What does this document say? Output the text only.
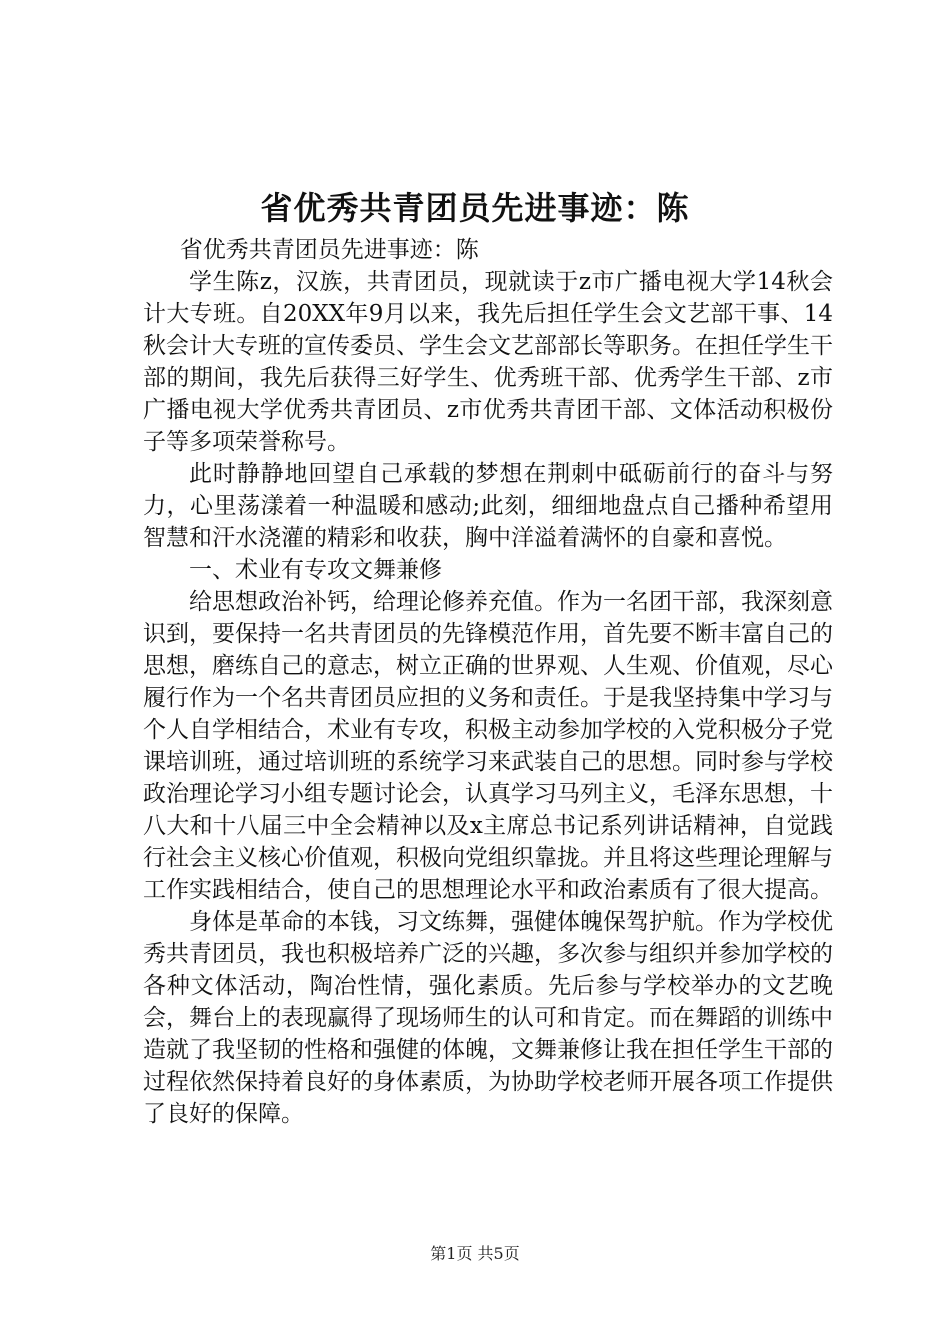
省优秀共青团员先进事迹：陈

省优秀共青团员先进事迹：陈

学生陈z，汉族，共青团员，现就读于z市广播电视大学14秋会计大专班。自20XX年9月以来，我先后担任学生会文艺部干事、14秋会计大专班的宣传委员、学生会文艺部部长等职务。在担任学生干部的期间，我先后获得三好学生、优秀班干部、优秀学生干部、z市广播电视大学优秀共青团员、z市优秀共青团干部、文体活动积极份子等多项荣誉称号。

此时静静地回望自己承载的梦想在荆刺中砥砺前行的奋斗与努力，心里荡漾着一种温暖和感动;此刻，细细地盘点自己播种希望用智慧和汗水浇灌的精彩和收获，胸中洋溢着满怀的自豪和喜悦。

一、术业有专攻文舞兼修

给思想政治补钙，给理论修养充值。作为一名团干部，我深刻意识到，要保持一名共青团员的先锋模范作用，首先要不断丰富自己的思想，磨练自己的意志，树立正确的世界观、人生观、价值观，尽心履行作为一个名共青团员应担的义务和责任。于是我坚持集中学习与个人自学相结合，术业有专攻，积极主动参加学校的入党积极分子党课培训班，通过培训班的系统学习来武装自己的思想。同时参与学校政治理论学习小组专题讨论会，认真学习马列主义，毛泽东思想，十八大和十八届三中全会精神以及x主席总书记系列讲话精神，自觉践行社会主义核心价值观，积极向党组织靠拢。并且将这些理论理解与工作实践相结合，使自己的思想理论水平和政治素质有了很大提高。

身体是革命的本钱，习文练舞，强健体魄保驾护航。作为学校优秀共青团员，我也积极培养广泛的兴趣，多次参与组织并参加学校的各种文体活动，陶冶性情，强化素质。先后参与学校举办的文艺晚会，舞台上的表现赢得了现场师生的认可和肯定。而在舞蹈的训练中造就了我坚韧的性格和强健的体魄，文舞兼修让我在担任学生干部的过程依然保持着良好的身体素质，为协助学校老师开展各项工作提供了良好的保障。

第1页 共5页
